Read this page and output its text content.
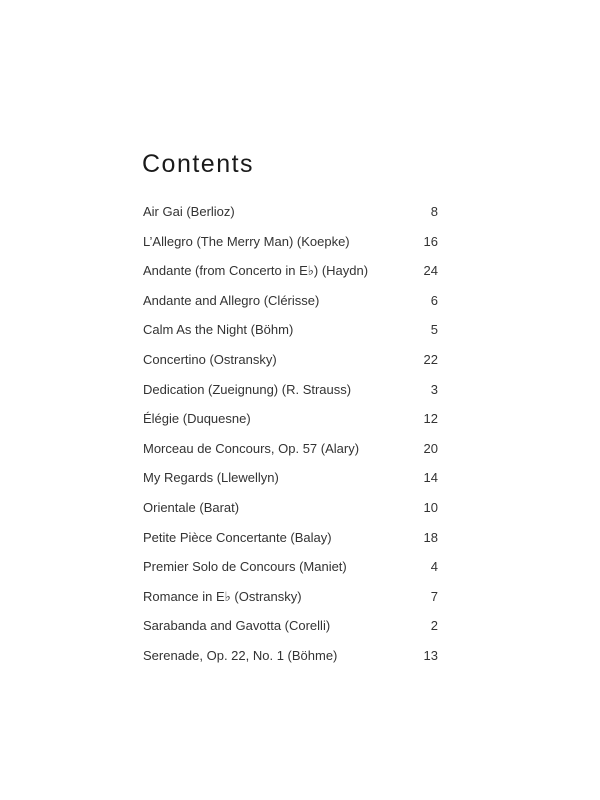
Contents
Air Gai (Berlioz)	8
L’Allegro (The Merry Man) (Koepke)	16
Andante (from Concerto in E♭) (Haydn)	24
Andante and Allegro (Clérisse)	6
Calm As the Night (Böhm)	5
Concertino (Ostransky)	22
Dedication (Zueignung) (R. Strauss)	3
Élégie (Duquesne)	12
Morceau de Concours, Op. 57 (Alary)	20
My Regards (Llewellyn)	14
Orientale (Barat)	10
Petite Pièce Concertante (Balay)	18
Premier Solo de Concours (Maniet)	4
Romance in E♭ (Ostransky)	7
Sarabanda and Gavotta (Corelli)	2
Serenade, Op. 22, No. 1 (Böhme)	13
